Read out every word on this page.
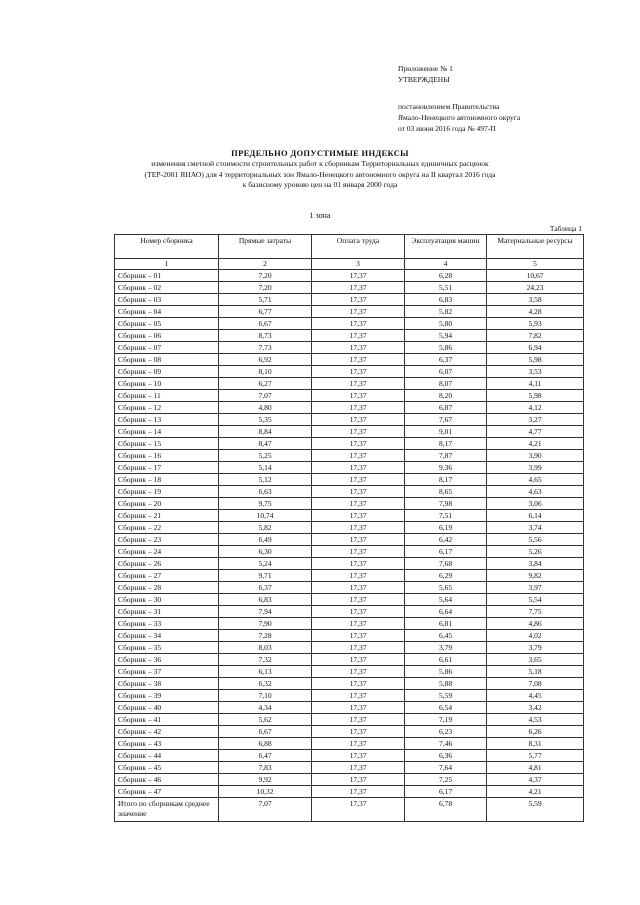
Приложение № 1
УТВЕРЖДЕНЫ
постановлением Правительства
Ямало-Ненецкого автономного округа
от 03 июня 2016 года № 497-П
ПРЕДЕЛЬНО ДОПУСТИМЫЕ ИНДЕКСЫ
изменения сметной стоимости строительных работ к сборникам Территориальных единичных расценок
(ТЕР-2001 ЯНАО) для 4 территориальных зон Ямало-Ненецкого автономного округа на II квартал 2016 года
к базисному уровню цен на 01 января 2000 года
1 зона
Таблица 1
Номер сборника	Прямые затраты	Оплата труда	Эксплуатация машин	Материальные ресурсы
1	2	3	4	5
Сборник – 01	7,20	17,37	6,28	10,67
Сборник – 02	7,20	17,37	5,51	24,23
Сборник – 03	5,71	17,37	6,83	3,58
Сборник – 04	6,77	17,37	5,82	4,28
Сборник – 05	6,67	17,37	5,80	5,93
Сборник – 06	8,73	17,37	5,94	7,82
Сборник – 07	7,73	17,37	5,86	6,94
Сборник – 08	6,92	17,37	6,37	5,98
Сборник – 09	8,10	17,37	6,07	3,53
Сборник – 10	6,27	17,37	8,07	4,11
Сборник – 11	7,07	17,37	8,20	5,98
Сборник – 12	4,80	17,37	6,87	4,12
Сборник – 13	5,35	17,37	7,67	3,27
Сборник – 14	8,84	17,37	9,01	4,77
Сборник – 15	8,47	17,37	8,17	4,21
Сборник – 16	5,25	17,37	7,87	3,90
Сборник – 17	5,14	17,37	9,36	3,99
Сборник – 18	5,12	17,37	8,17	4,65
Сборник – 19	6,63	17,37	8,65	4,63
Сборник – 20	9,75	17,37	7,98	3,06
Сборник – 21	10,74	17,37	7,51	6,14
Сборник – 22	5,82	17,37	6,19	3,74
Сборник – 23	6,49	17,37	6,42	5,56
Сборник – 24	6,30	17,37	6,17	5,26
Сборник – 26	5,24	17,37	7,68	3,84
Сборник – 27	9,71	17,37	6,29	9,82
Сборник – 28	6,37	17,37	5,65	3,97
Сборник – 30	6,83	17,37	5,64	5,54
Сборник – 31	7,94	17,37	6,64	7,75
Сборник – 33	7,90	17,37	6,81	4,86
Сборник – 34	7,28	17,37	6,45	4,02
Сборник – 35	8,03	17,37	3,79	3,79
Сборник – 36	7,32	17,37	6,61	3,65
Сборник – 37	6,13	17,37	5,86	5,18
Сборник – 38	6,32	17,37	5,88	7,08
Сборник – 39	7,10	17,37	5,59	4,45
Сборник – 40	4,34	17,37	6,54	3,42
Сборник – 41	5,62	17,37	7,19	4,53
Сборник – 42	6,67	17,37	6,23	6,26
Сборник – 43	6,88	17,37	7,46	8,31
Сборник – 44	6,47	17,37	6,36	5,77
Сборник – 45	7,83	17,37	7,64	4,81
Сборник – 46	9,92	17,37	7,25	4,37
Сборник – 47	10,32	17,37	6,17	4,21
Итого по сборникам среднее значение	7,07	17,37	6,78	5,59
